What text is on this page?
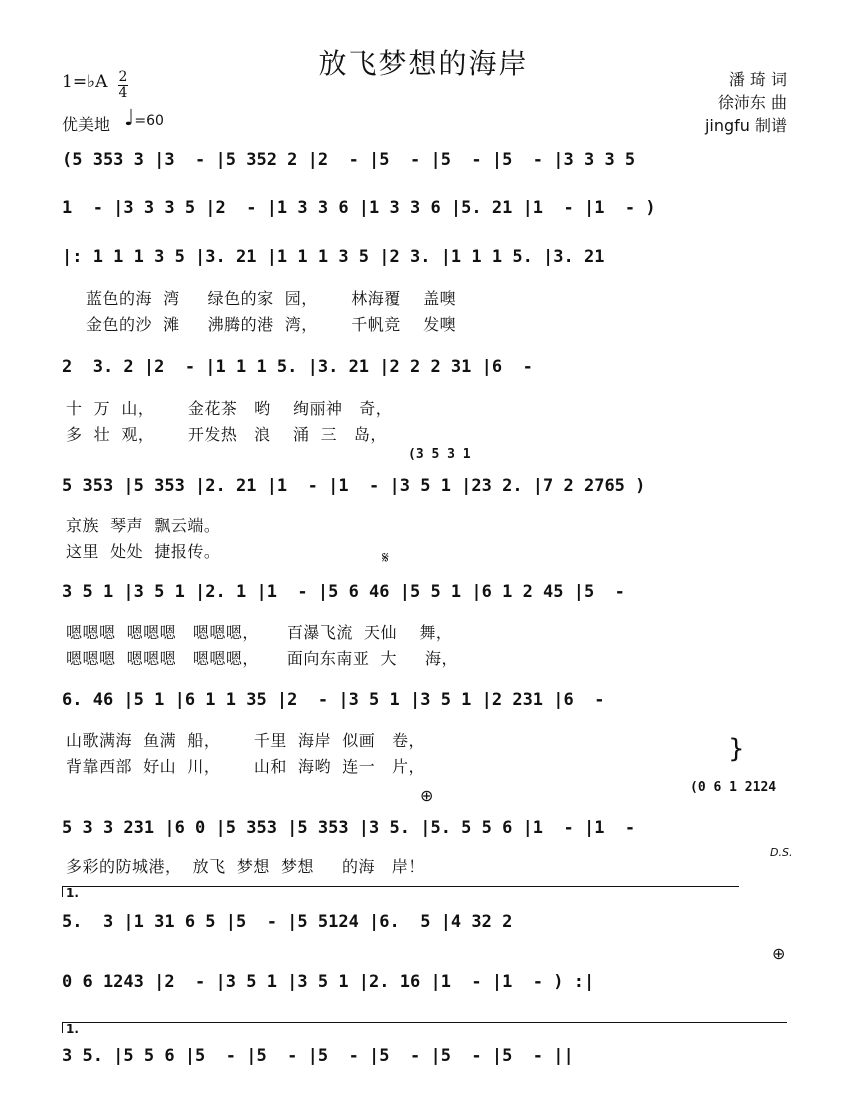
放飞梦想的海岸
1=♭A 2
4
优美地 ♩=60
潘 琦 词
徐沛东 曲
jingfu 制谱
(5 353 3 |3  - |5 352 2 |2  - |5  - |5  - |5  - |3 3 3 5
1  - |3 3 3 5 |2  - |1 3 3 6 |1 3 3 6 |5. 21 |1  - |1  - )
|: 1 1 1 3 5 |3. 21 |1 1 1 3 5 |2 3. |1 1 1 5. |3. 21
蓝色的海  湾     绿色的家  园，      林海覆    盖噢
金色的沙  滩     沸腾的港  湾，      千帆竞    发噢
2  3. 2 |2  - |1 1 1 5. |3. 21 |2 2 2 31 |6  -
十  万  山，      金花茶   哟    绚丽神   奇，
多  壮  观，      开发热   浪    涌  三   岛，
(3 5 3 1
5 353 |5 353 |2. 21 |1  - |1  - |3 5 1 |23 2. |7 2 2765 )
京族  琴声  飘云端。
这里  处处  捷报传。	𝄋
3 5 1 |3 5 1 |2. 1 |1  - |5 6 46 |5 5 1 |6 1 2 45 |5  -
嗯嗯嗯  嗯嗯嗯   嗯嗯嗯，     百瀑飞流  天仙    舞，
嗯嗯嗯  嗯嗯嗯   嗯嗯嗯，     面向东南亚  大     海，
6. 46 |5 1 |6 1 1 35 |2  - |3 5 1 |3 5 1 |2 231 |6  -
山歌满海  鱼满  船，      千里  海岸  似画   卷，
背靠西部  好山  川，      山和  海哟  连一   片，
}
⊕	(0 6 1 2124
5 3 3 231 |6 0 |5 353 |5 353 |3 5. |5. 5 5 6 |1  - |1  -
D.S.
多彩的防城港，  放飞  梦想  梦想     的海   岸！
1.
5.  3 |1 31 6 5 |5  - |5 5124 |6.  5 |4 32 2
⊕
0 6 1243 |2  - |3 5 1 |3 5 1 |2. 16 |1  - |1  - ) :|
1.
3 5. |5 5 6 |5  - |5  - |5  - |5  - |5  - |5  - ||
